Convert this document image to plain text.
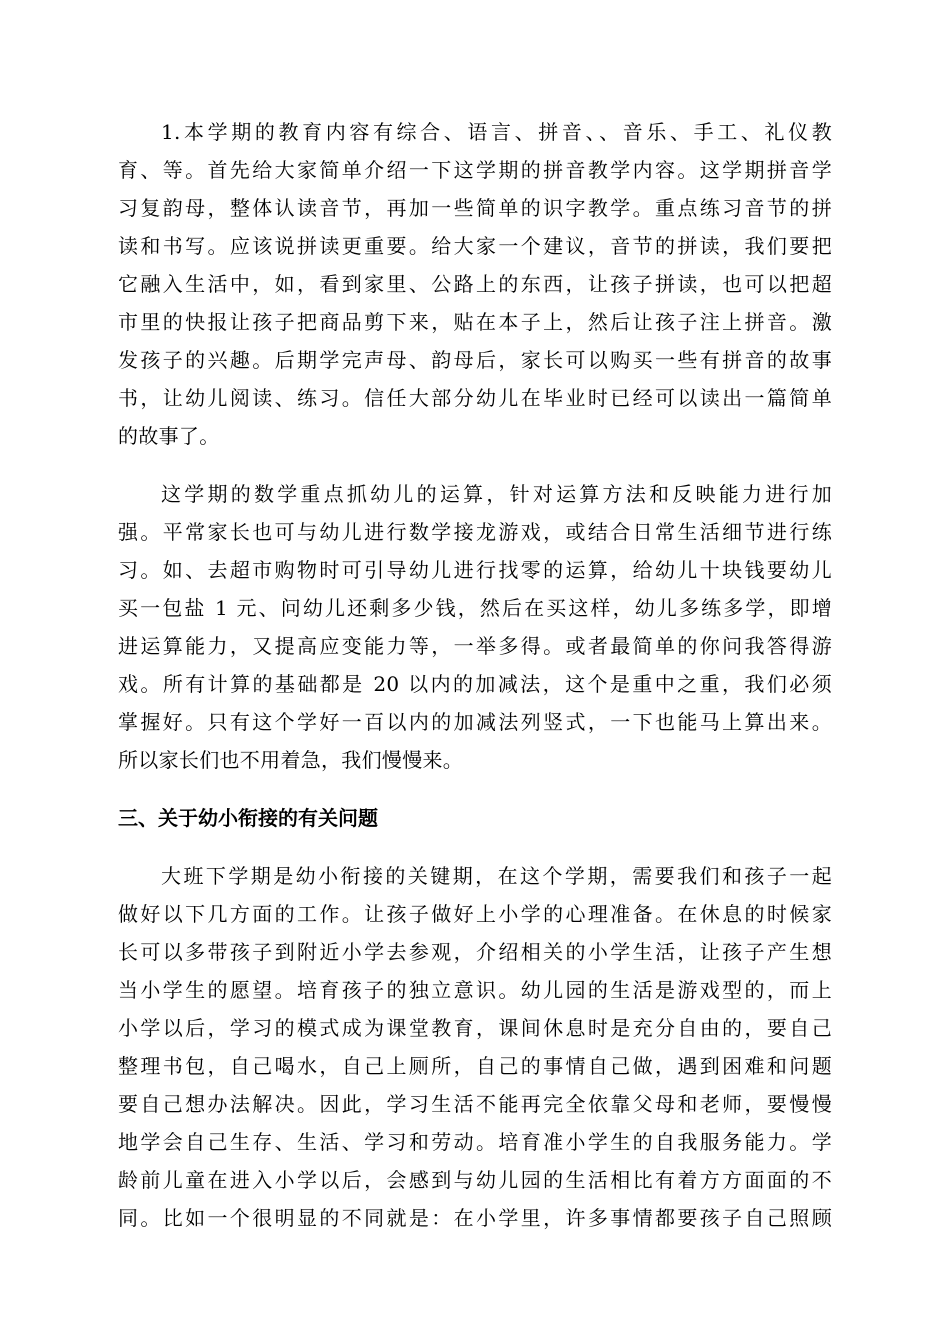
1.本学期的教育内容有综合、语言、拼音、、音乐、手工、礼仪教
育、等。首先给大家简单介绍一下这学期的拼音教学内容。这学期拼音学
习复韵母，整体认读音节，再加一些简单的识字教学。重点练习音节的拼
读和书写。应该说拼读更重要。给大家一个建议，音节的拼读，我们要把
它融入生活中，如，看到家里、公路上的东西，让孩子拼读，也可以把超
市里的快报让孩子把商品剪下来，贴在本子上，然后让孩子注上拼音。激
发孩子的兴趣。后期学完声母、韵母后，家长可以购买一些有拼音的故事
书，让幼儿阅读、练习。信任大部分幼儿在毕业时已经可以读出一篇简单
的故事了。
这学期的数学重点抓幼儿的运算，针对运算方法和反映能力进行加
强。平常家长也可与幼儿进行数学接龙游戏，或结合日常生活细节进行练
习。如、去超市购物时可引导幼儿进行找零的运算，给幼儿十块钱要幼儿
买一包盐 1 元、问幼儿还剩多少钱，然后在买这样，幼儿多练多学，即增
进运算能力，又提高应变能力等，一举多得。或者最简单的你问我答得游
戏。所有计算的基础都是 20 以内的加减法，这个是重中之重，我们必须
掌握好。只有这个学好一百以内的加减法列竖式，一下也能马上算出来。
所以家长们也不用着急，我们慢慢来。
三、关于幼小衔接的有关问题
大班下学期是幼小衔接的关键期，在这个学期，需要我们和孩子一起
做好以下几方面的工作。让孩子做好上小学的心理准备。在休息的时候家
长可以多带孩子到附近小学去参观，介绍相关的小学生活，让孩子产生想
当小学生的愿望。培育孩子的独立意识。幼儿园的生活是游戏型的，而上
小学以后，学习的模式成为课堂教育，课间休息时是充分自由的，要自己
整理书包，自己喝水，自己上厕所，自己的事情自己做，遇到困难和问题
要自己想办法解决。因此，学习生活不能再完全依靠父母和老师，要慢慢
地学会自己生存、生活、学习和劳动。培育准小学生的自我服务能力。学
龄前儿童在进入小学以后，会感到与幼儿园的生活相比有着方方面面的不
同。比如一个很明显的不同就是：在小学里，许多事情都要孩子自己照顾
